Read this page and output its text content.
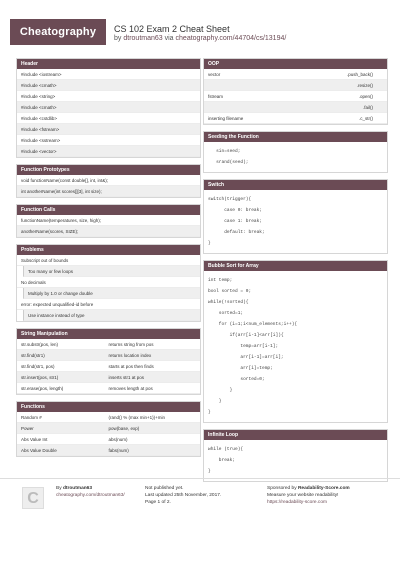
Cheatography	CS 102 Exam 2 Cheat Sheet
by dtroutman63 via cheatography.com/44704/cs/13194/
Header
#include <iostream>
#include <cmath>
#include <string>
#include <cmath>
#include <cstdlib>
#include <fstream>
#include <sstream>
#include <vector>
Function Prototypes
void functionName(const double[], int, int&);
int anotherName(int scores[][3], int size);
Function Calls
functionName(temperatures, size, high);
anotherName(scores, SIZE);
Problems
Subscript out of bounds
Too many or few loops
No decimals
Multiply by 1.0 or change double
error: expected unqualified-id before
Use instance instead of type
String Manipulation
str.substr(pos, len)	returns string from pos
str.find(str1)	returns location index
str.find(str1, pos)	starts at pos then finds
str.insert(pos, str1)	inserts str1 at pos
str.erase(pos, length)	removes length at pos
Functions
Random #	(rand() % (max min+1))+min
Power	pow(base, exp)
Abs Value Int	abs(num)
Abs Value Double	fabs(num)
OOP
vector	.push_back()
.resize()
fstream	.open()
.fail()
inserting filename	.c_str()
Seeding the Function
sin=seed;
srand(seed);
Switch
switch(trigger){
case 0: break;
case 1: break;
default: break;
}
Bubble Sort for Array
int temp;
bool sorted = 0;
while(!sorted){
sorted=1;
for (i=1;i<num_elements;i++){
if(arr[i-1]<arr[i]){
temp=arr[i-1];
arr[i-1]=arr[i];
arr[i]=temp;
sorted=0;
}
}
}
Infinite Loop
while (true){
break;
}
C
By dtroutman63
cheatography.com/dtroutman63/
Not published yet.
Last updated 25th November, 2017.
Page 1 of 2.
Sponsored by Readability-Score.com
Measure your website readability!
https://readability-score.com
